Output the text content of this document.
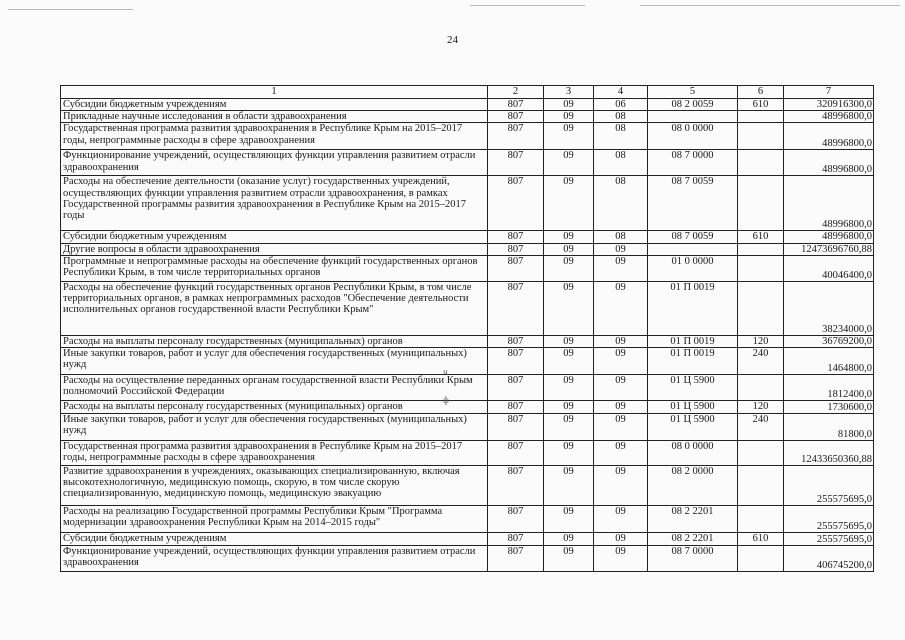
24
1	2	3	4	5	6	7
Субсидии бюджетным учреждениям	807	09	06	08 2 0059	610	320916300,0
Прикладные научные исследования в области здравоохранения	807	09	08			48996800,0
Государственная программа развития здравоохранения в Республике Крым на 2015–2017 годы, непрограммные расходы в сфере здравоохранения	807	09	08	08 0 0000		48996800,0
Функционирование учреждений, осуществляющих функции управления развитием отрасли здравоохранения	807	09	08	08 7 0000		48996800,0
Расходы на обеспечение деятельности (оказание услуг) государственных учреждений, осуществляющих функции управления развитием отрасли здравоохранения, в рамках Государственной программы развития здравоохранения в Республике Крым на 2015–2017 годы	807	09	08	08 7 0059		48996800,0
Субсидии бюджетным учреждениям	807	09	08	08 7 0059	610	48996800,0
Другие вопросы в области здравоохранения	807	09	09			12473696760,88
Программные и непрограммные расходы на обеспечение функций государственных органов Республики Крым, в том числе территориальных органов	807	09	09	01 0 0000		40046400,0
Расходы на обеспечение функций государственных органов Республики Крым, в том числе территориальных органов, в рамках непрограммных расходов "Обеспечение деятельности исполнительных органов государственной власти Республики Крым"	807	09	09	01 П 0019		38234000,0
Расходы на выплаты персоналу государственных (муниципальных) органов	807	09	09	01 П 0019	120	36769200,0
Иные закупки товаров, работ и услуг для обеспечения государственных (муниципальных) нужд	807	09	09	01 П 0019	240	1464800,0
Расходы на осуществление переданных органам государственной власти Республики Крым полномочий Российской Федерации	807	09	09	01 Ц 5900		1812400,0
Расходы на выплаты персоналу государственных (муниципальных) органов	807	09	09	01 Ц 5900	120	1730600,0
Иные закупки товаров, работ и услуг для обеспечения государственных (муниципальных) нужд	807	09	09	01 Ц 5900	240	81800,0
Государственная программа развития здравоохранения в Республике Крым на 2015–2017 годы, непрограммные расходы в сфере здравоохранения	807	09	09	08 0 0000		12433650360,88
Развитие здравоохранения в учреждениях, оказывающих специализированную, включая высокотехнологичную, медицинскую помощь, скорую, в том числе скорую специализированную, медицинскую помощь, медицинскую эвакуацию	807	09	09	08 2 0000		255575695,0
Расходы на реализацию Государственной программы Республики Крым "Программа модернизации здравоохранения Республики Крым на 2014–2015 годы"	807	09	09	08 2 2201		255575695,0
Субсидии бюджетным учреждениям	807	09	09	08 2 2201	610	255575695,0
Функционирование учреждений, осуществляющих функции управления развитием отрасли здравоохранения	807	09	09	08 7 0000		406745200,0
ч
ф
